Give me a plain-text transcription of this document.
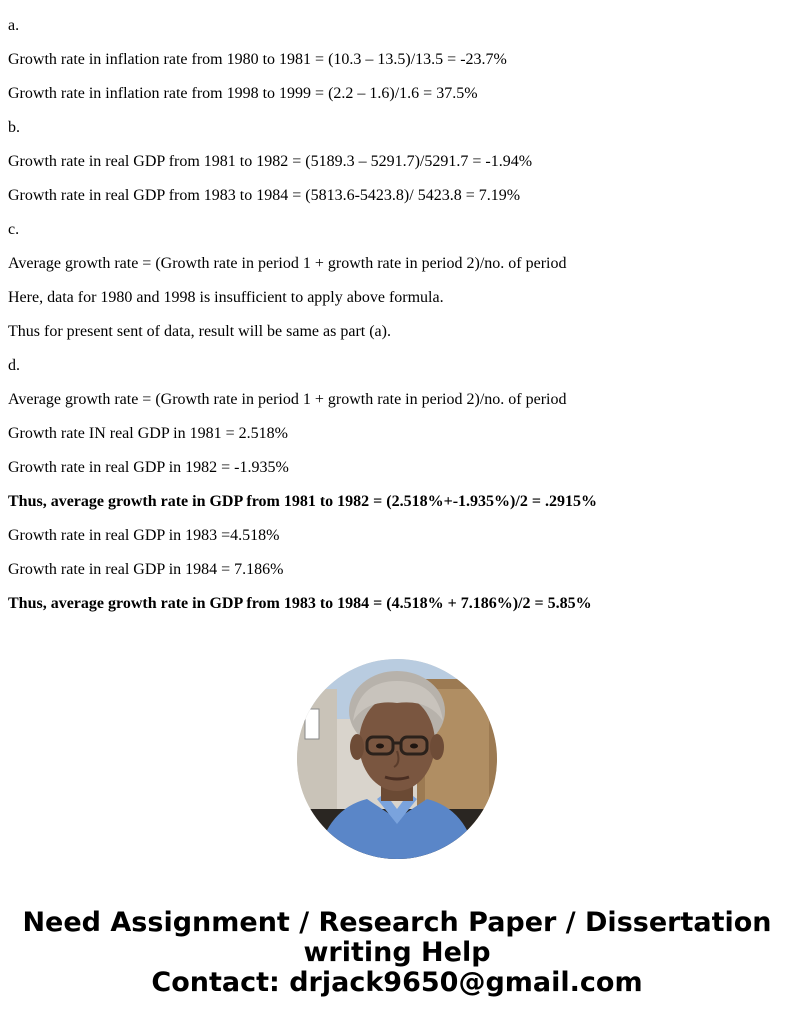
a.
Growth rate in inflation rate from 1980 to 1981 = (10.3 – 13.5)/13.5 = -23.7%
Growth rate in inflation rate from 1998 to 1999 = (2.2 – 1.6)/1.6 = 37.5%
b.
Growth rate in real GDP from 1981 to 1982 = (5189.3 – 5291.7)/5291.7 = -1.94%
Growth rate in real GDP from 1983 to 1984 = (5813.6-5423.8)/ 5423.8 = 7.19%
c.
Average growth rate = (Growth rate in period 1 + growth rate in period 2)/no. of period
Here, data for 1980 and 1998 is insufficient to apply above formula.
Thus for present sent of data, result will be same as part (a).
d.
Average growth rate = (Growth rate in period 1 + growth rate in period 2)/no. of period
Growth rate IN real GDP in 1981 = 2.518%
Growth rate in real GDP in 1982 = -1.935%
Thus, average growth rate in GDP from 1981 to 1982 = (2.518%+-1.935%)/2 = .2915%
Growth rate in real GDP in 1983 =4.518%
Growth rate in real GDP in 1984 = 7.186%
Thus, average growth rate in GDP from 1983 to 1984 = (4.518% + 7.186%)/2 = 5.85%
Need Assignment / Research Paper / Dissertation
writing Help
Contact: drjack9650@gmail.com
